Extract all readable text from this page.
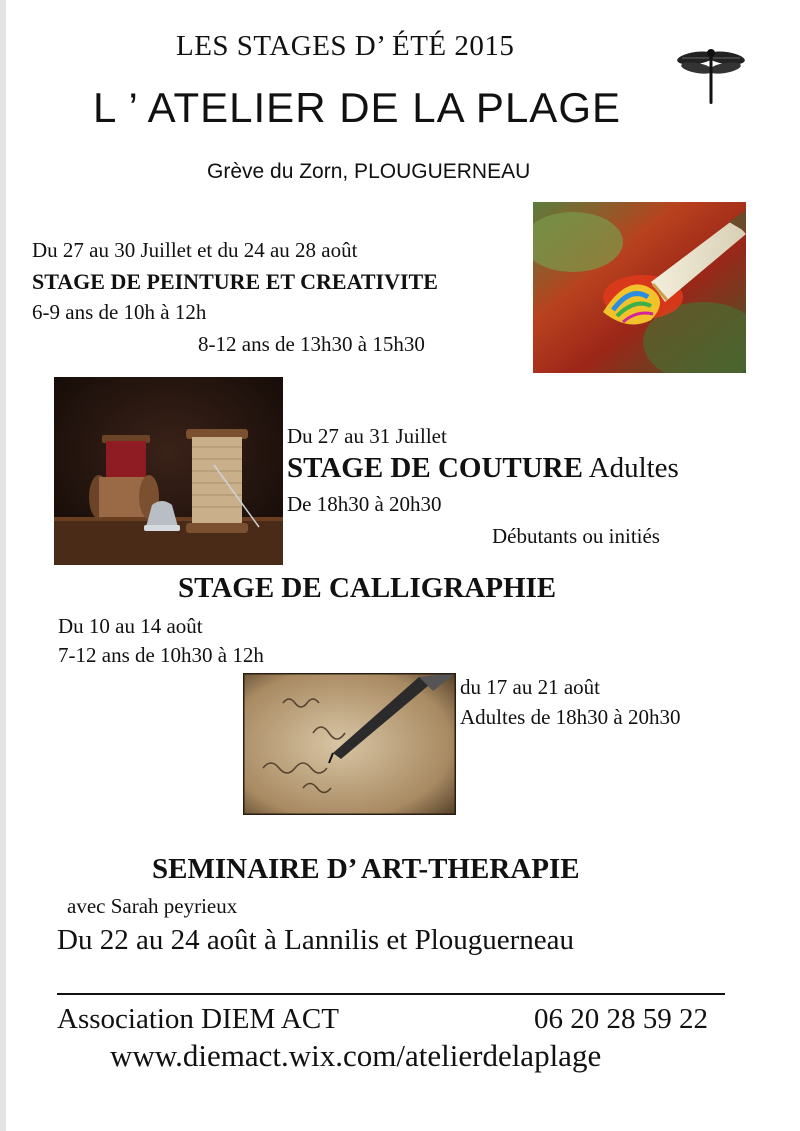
LES STAGES D’ ÉTÉ 2015
L ’ ATELIER DE LA PLAGE
Grève du Zorn, PLOUGUERNEAU
Du 27 au 30 Juillet et du 24 au 28 août
STAGE DE PEINTURE ET CREATIVITE
6-9 ans de 10h à 12h
8-12 ans de 13h30 à 15h30
Du 27 au 31 Juillet
STAGE DE COUTURE Adultes
De 18h30 à 20h30
Débutants ou initiés
STAGE DE CALLIGRAPHIE
Du 10 au 14 août
7-12 ans de 10h30 à 12h
du 17 au 21 août
Adultes de 18h30 à 20h30
SEMINAIRE D’ ART-THERAPIE
avec Sarah peyrieux
Du 22 au 24 août à Lannilis et Plouguerneau
Association DIEM ACT	06 20 28 59 22
www.diemact.wix.com/atelierdelaplage
